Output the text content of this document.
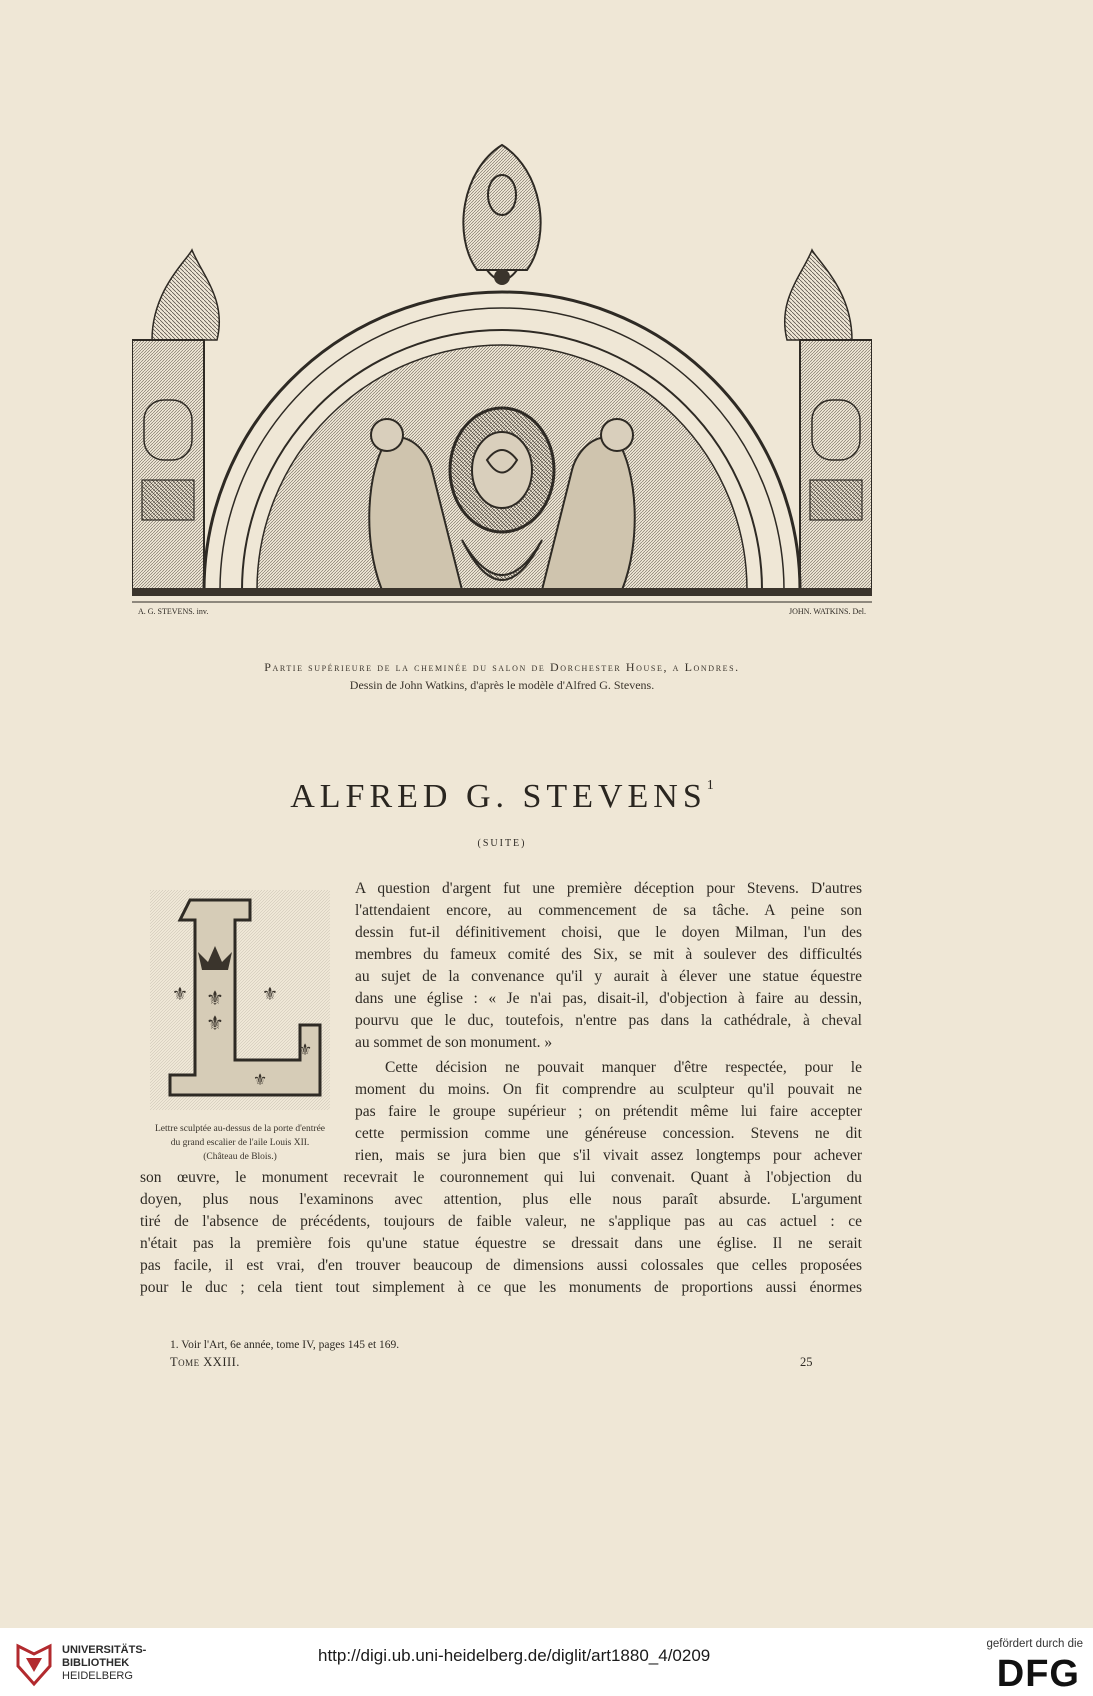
A. G. STEVENS. inv.	JOHN. WATKINS. Del.
Partie supérieure de la cheminée du salon de Dorchester House, a Londres.
Dessin de John Watkins, d'après le modèle d'Alfred G. Stevens.
ALFRED G. STEVENS$^1$
(SUITE)
⚜
⚜
⚜	⚜
⚜
⚜
L
Lettre sculptée au-dessus de la porte d'entrée
du grand escalier de l'aile Louis XII.
(Château de Blois.)
A question d'argent fut une première déception pour Stevens. D'autres
l'attendaient encore, au commencement de sa tâche. A peine son
dessin fut-il définitivement choisi, que le doyen Milman, l'un des
membres du fameux comité des Six, se mit à soulever des difficultés
au sujet de la convenance qu'il y aurait à élever une statue équestre
dans une église : « Je n'ai pas, disait-il, d'objection à faire au dessin,
pourvu que le duc, toutefois, n'entre pas dans la cathédrale, à cheval
au sommet de son monument. »
Cette décision ne pouvait manquer d'être respectée, pour le
moment du moins. On fit comprendre au sculpteur qu'il pouvait ne
pas faire le groupe supérieur ; on prétendit même lui faire accepter
cette permission comme une généreuse concession. Stevens ne dit
rien, mais se jura bien que s'il vivait assez longtemps pour achever
son œuvre, le monument recevrait le couronnement qui lui convenait. Quant à l'objection du
doyen, plus nous l'examinons avec attention, plus elle nous paraît absurde. L'argument
tiré de l'absence de précédents, toujours de faible valeur, ne s'applique pas au cas actuel : ce
n'était pas la première fois qu'une statue équestre se dressait dans une église. Il ne serait
pas facile, il est vrai, d'en trouver beaucoup de dimensions aussi colossales que celles proposées
pour le duc ; cela tient tout simplement à ce que les monuments de proportions aussi énormes
1. Voir l'Art, 6e année, tome IV, pages 145 et 169.
Tome XXIII.	25
UNIVERSITÄTS-
BIBLIOTHEK
HEIDELBERG
http://digi.ub.uni-heidelberg.de/diglit/art1880_4/0209
gefördert durch die
DFG
